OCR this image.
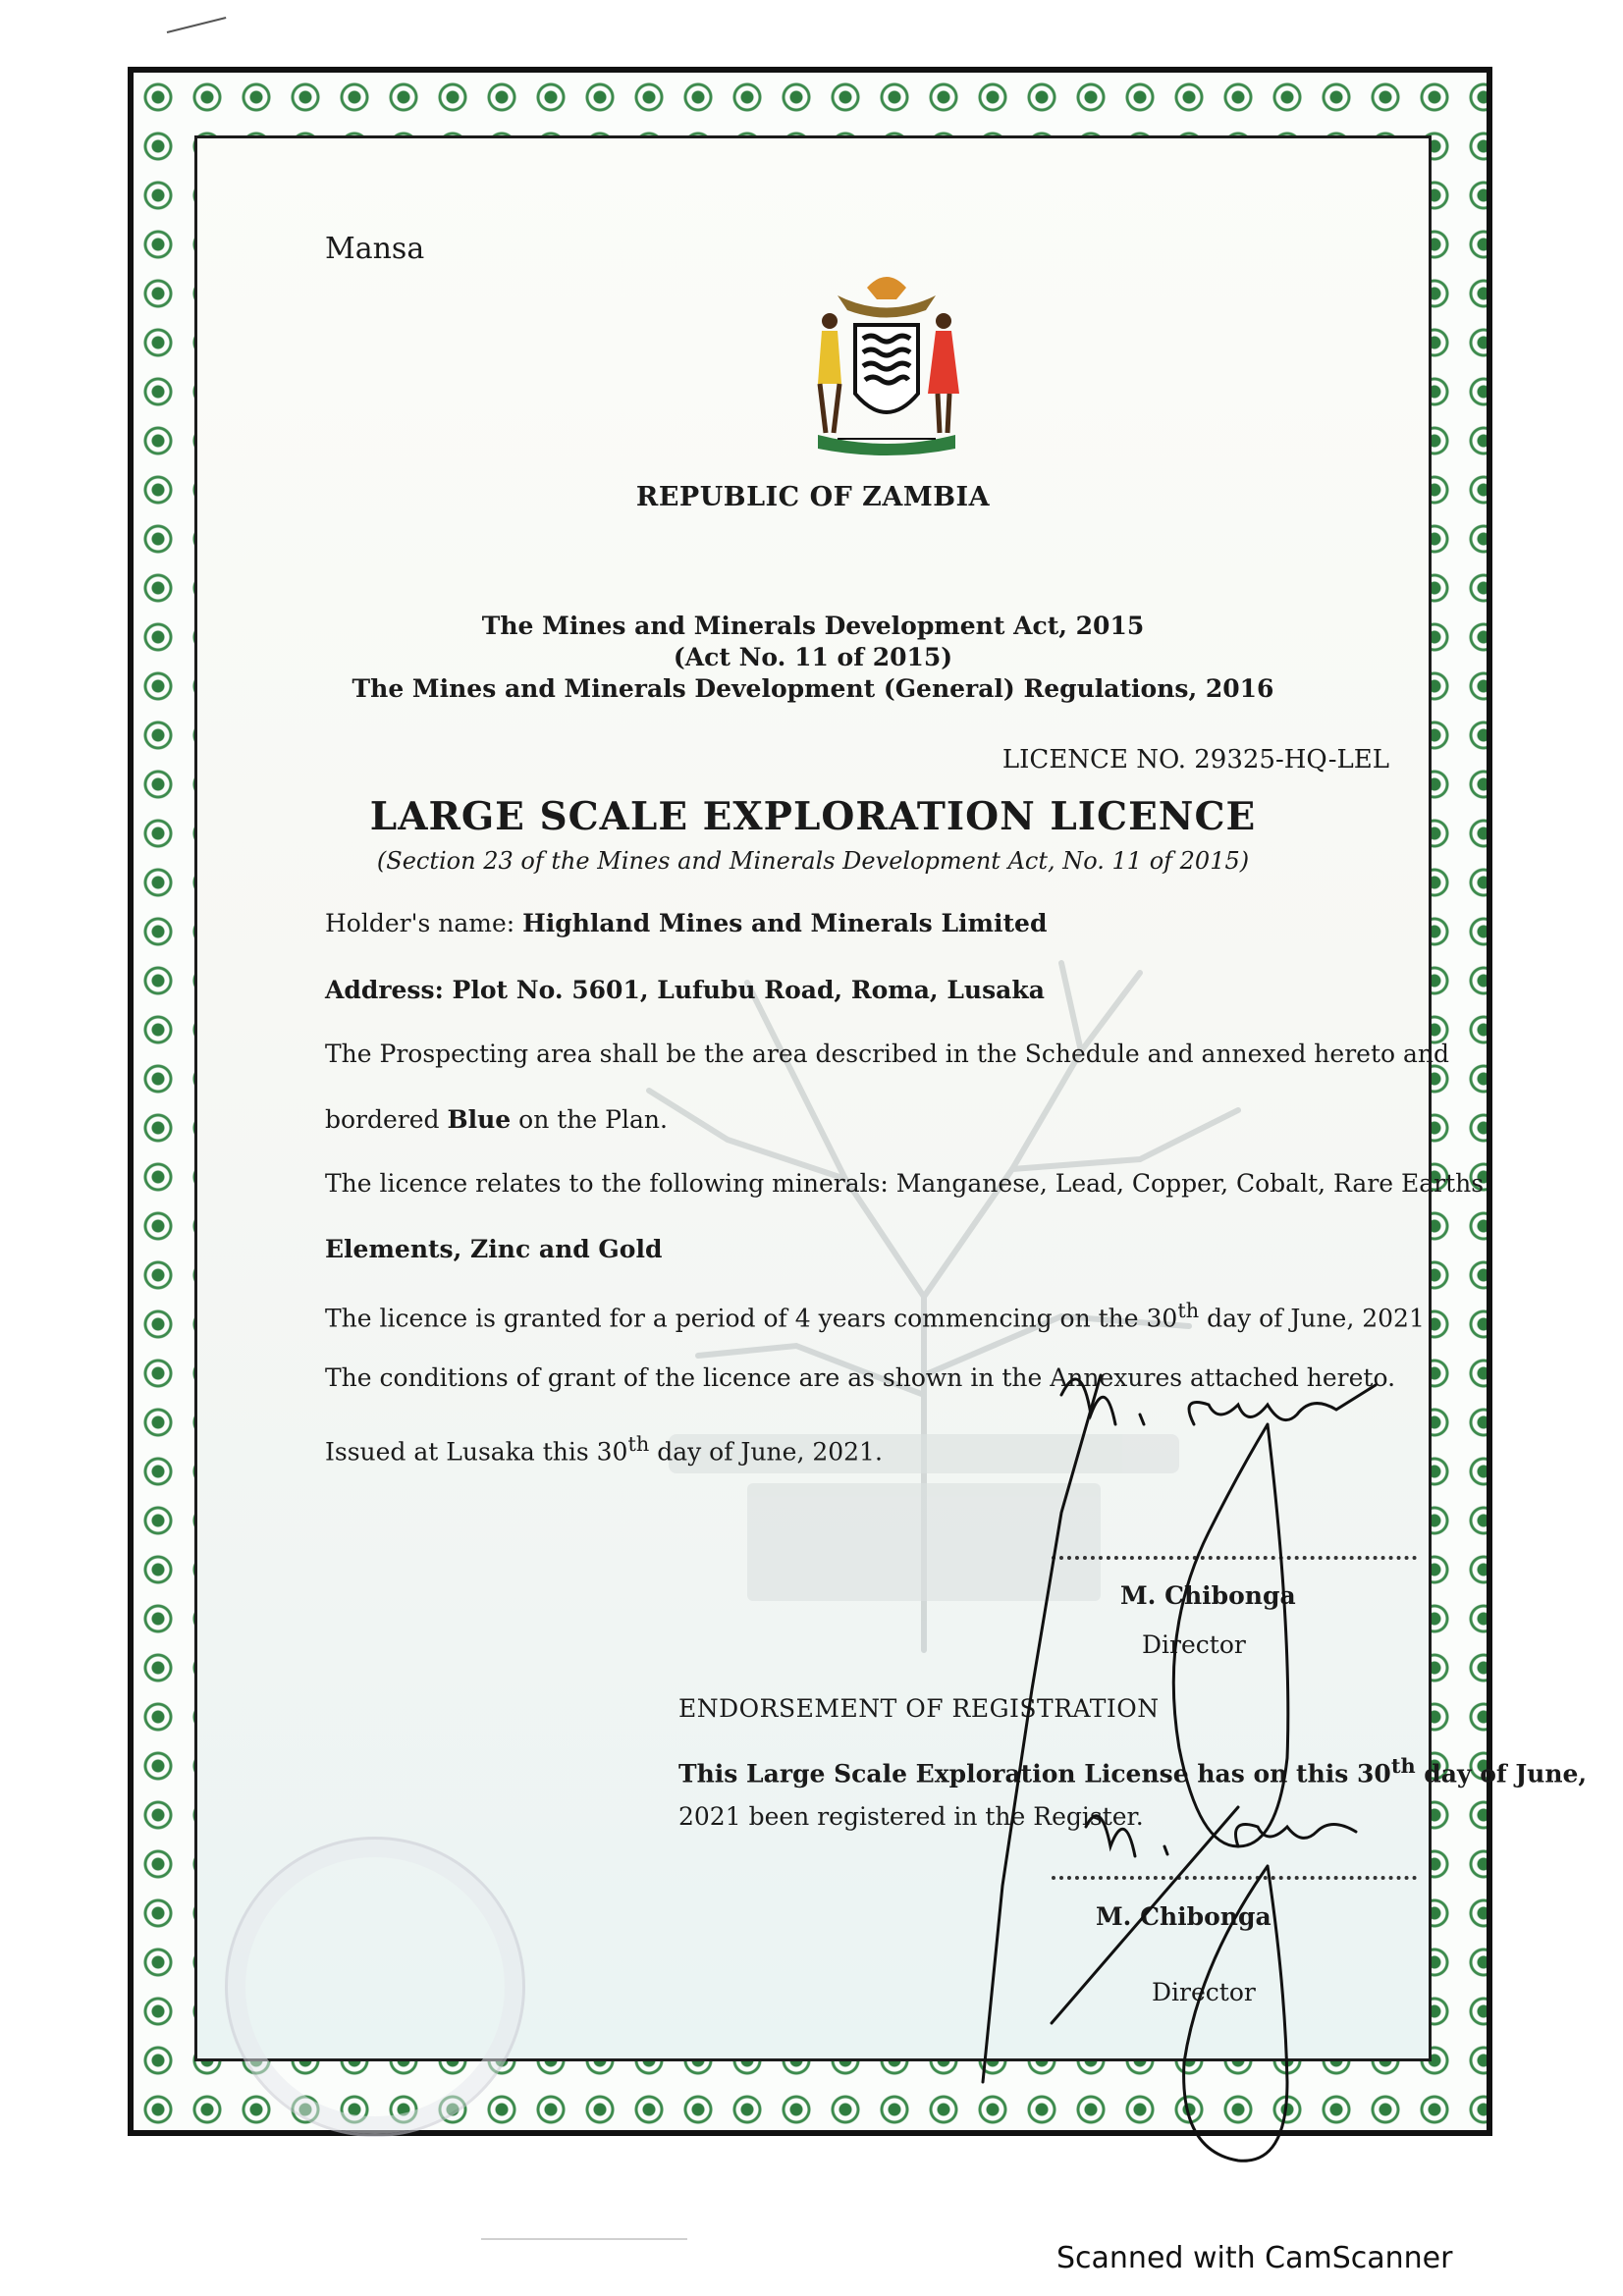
Mansa
REPUBLIC OF ZAMBIA
The Mines and Minerals Development Act, 2015
(Act No. 11 of 2015)
The Mines and Minerals Development (General) Regulations, 2016
LICENCE NO. 29325-HQ-LEL
LARGE SCALE EXPLORATION LICENCE
(Section 23 of the Mines and Minerals Development Act, No. 11 of 2015)
Holder's name: Highland Mines and Minerals Limited
Address: Plot No. 5601, Lufubu Road, Roma, Lusaka
The Prospecting area shall be the area described in the Schedule and annexed hereto and
bordered Blue on the Plan.
The licence relates to the following minerals: Manganese, Lead, Copper, Cobalt, Rare Earths
Elements, Zinc and Gold
The licence is granted for a period of 4 years commencing on the 30th day of June, 2021
The conditions of grant of the licence are as shown in the Annexures attached hereto.
Issued at Lusaka this 30th day of June, 2021.
M. Chibonga
Director
ENDORSEMENT OF REGISTRATION
This Large Scale Exploration License has on this 30th day of June,
2021 been registered in the Register.
M. Chibonga
Director
Scanned with CamScanner
